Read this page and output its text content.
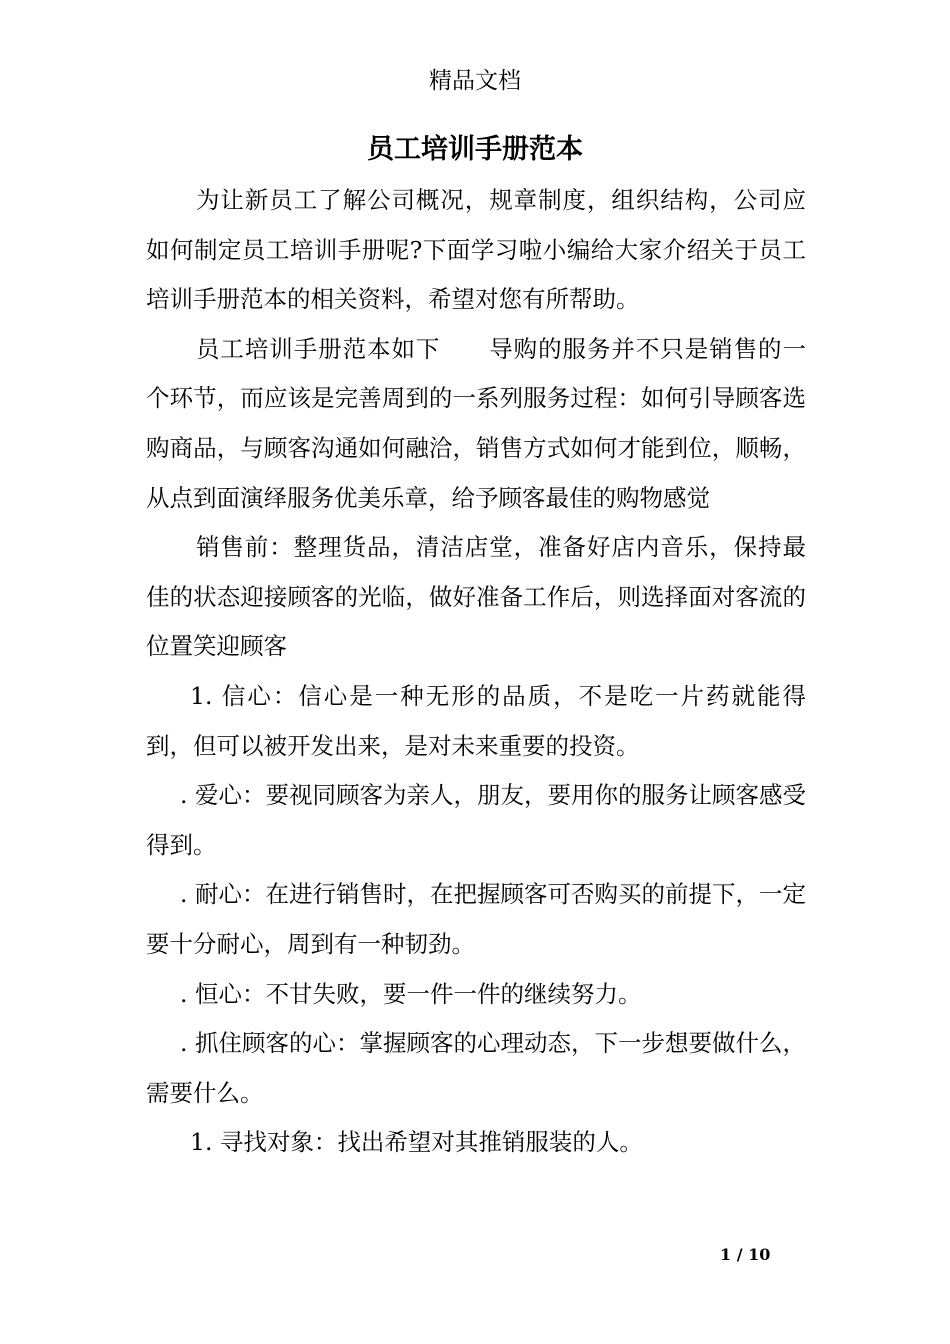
精品文档
员工培训手册范本

为让新员工了解公司概况，规章制度，组织结构，公司应如何制定员工培训手册呢?下面学习啦小编给大家介绍关于员工培训手册范本的相关资料，希望对您有所帮助。

员工培训手册范本如下　　导购的服务并不只是销售的一个环节，而应该是完善周到的一系列服务过程：如何引导顾客选购商品，与顾客沟通如何融洽，销售方式如何才能到位，顺畅，从点到面演绎服务优美乐章，给予顾客最佳的购物感觉

销售前：整理货品，清洁店堂，准备好店内音乐，保持最佳的状态迎接顾客的光临，做好准备工作后，则选择面对客流的位置笑迎顾客

1. 信心：信心是一种无形的品质，不是吃一片药就能得到，但可以被开发出来，是对未来重要的投资。

. 爱心：要视同顾客为亲人，朋友，要用你的服务让顾客感受得到。

. 耐心：在进行销售时，在把握顾客可否购买的前提下，一定要十分耐心，周到有一种韧劲。

. 恒心：不甘失败，要一件一件的继续努力。

. 抓住顾客的心：掌握顾客的心理动态，下一步想要做什么，需要什么。

1. 寻找对象：找出希望对其推销服装的人。

1 / 10
